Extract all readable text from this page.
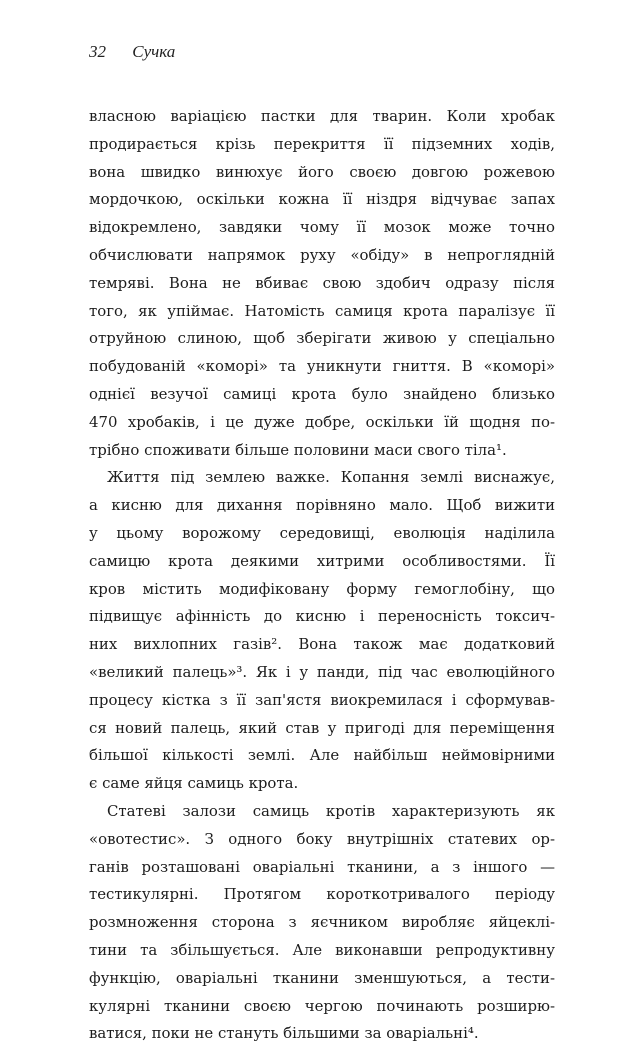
32 Сучка
власною варіацією пастки для тварин. Коли хробак
продирається крізь перекриття її підземних ходів,
вона швидко винюхує його своєю довгою рожевою
мордочкою, оскільки кожна її ніздря відчуває запах
відокремлено, завдяки чому її мозок може точно
обчислювати напрямок руху «обіду» в непроглядній
темряві. Вона не вбиває свою здобич одразу після
того, як упіймає. Натомість самиця крота паралізує її
отруйною слиною, щоб зберігати живою у спеціально
побудованій «коморі» та уникнути гниття. В «коморі»
однієї везучої самиці крота було знайдено близько
470 хробаків, і це дуже добре, оскільки їй щодня по-
трібно споживати більше половини маси свого тіла¹.
Життя під землею важке. Копання землі виснажує,
а кисню для дихання порівняно мало. Щоб вижити
у цьому ворожому середовищі, еволюція наділила
самицю крота деякими хитрими особливостями. Її
кров містить модифіковану форму гемоглобіну, що
підвищує афінність до кисню і переносність токсич-
них вихлопних газів². Вона також має додатковий
«великий палець»³. Як і у панди, під час еволюційного
процесу кістка з її зап'ястя виокремилася і сформував-
ся новий палець, який став у пригоді для переміщення
більшої кількості землі. Але найбільш неймовірними
є саме яйця самиць крота.
Статеві залози самиць кротів характеризують як
«овотестис». З одного боку внутрішніх статевих ор-
ганів розташовані оваріальні тканини, а з іншого —
тестикулярні. Протягом короткотривалого періоду
розмноження сторона з яєчником виробляє яйцеклі-
тини та збільшується. Але виконавши репродуктивну
функцію, оваріальні тканини зменшуються, а тести-
кулярні тканини своєю чергою починають розширю-
ватися, поки не стануть більшими за оваріальні⁴.
